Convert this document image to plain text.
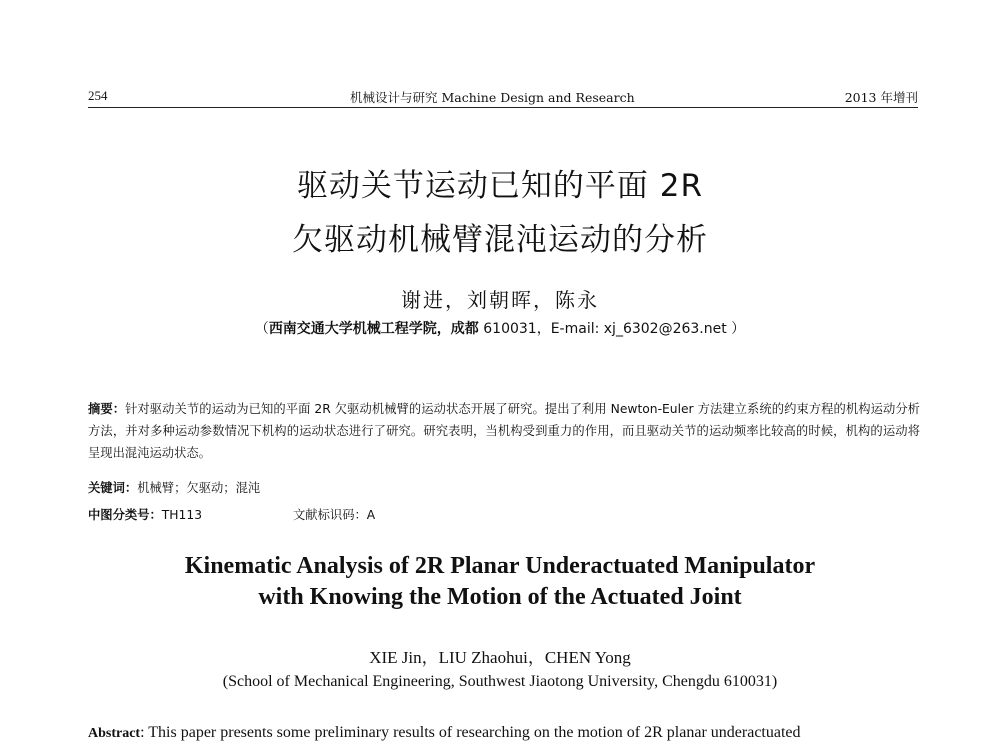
254	机械设计与研究 Machine Design and Research	2013 年增刊
驱动关节运动已知的平面 2R
欠驱动机械臂混沌运动的分析
谢进，刘朝晖，陈永
（西南交通大学机械工程学院，成都 610031，E-mail: xj_6302@263.net ）
摘要：针对驱动关节的运动为已知的平面 2R 欠驱动机械臂的运动状态开展了研究。提出了利用 Newton-Euler 方法建立系统的约束方程的机构运动分析方法，并对多种运动参数情况下机构的运动状态进行了研究。研究表明，当机构受到重力的作用，而且驱动关节的运动频率比较高的时候，机构的运动将呈现出混沌运动状态。
关键词：机械臂；欠驱动；混沌
中图分类号：TH113	文献标识码：A
Kinematic Analysis of 2R Planar Underactuated Manipulator
with Knowing the Motion of the Actuated Joint
XIE Jin，LIU Zhaohui，CHEN Yong
(School of Mechanical Engineering, Southwest Jiaotong University, Chengdu 610031)
Abstract: This paper presents some preliminary results of researching on the motion of 2R planar underactuated
